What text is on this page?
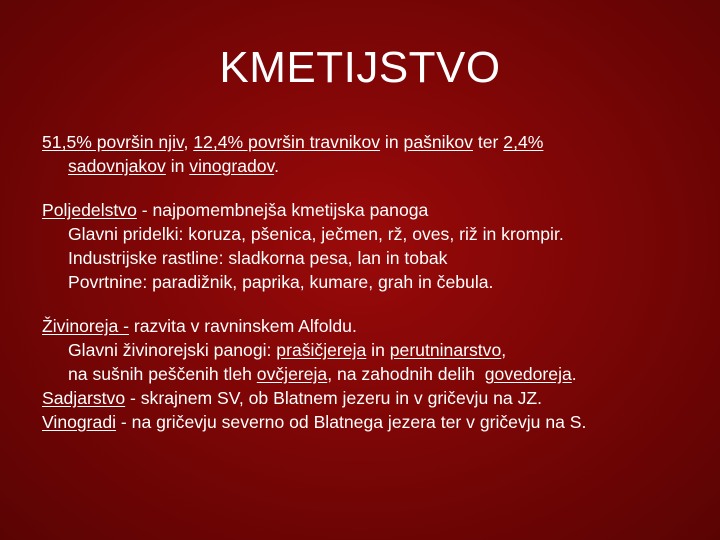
KMETIJSTVO
51,5% površin njiv, 12,4% površin travnikov in pašnikov ter 2,4%
sadovnjakov in vinogradov.
Poljedelstvo - najpomembnejša kmetijska panoga
Glavni pridelki: koruza, pšenica, ječmen, rž, oves, riž in krompir.
Industrijske rastline: sladkorna pesa, lan in tobak
Povrtnine: paradižnik, paprika, kumare, grah in čebula.
Živinoreja - razvita v ravninskem Alfoldu.
Glavni živinorejski panogi: prašičjereja in perutninarstvo,
na sušnih peščenih tleh ovčjereja, na zahodnih delih  govedoreja.
Sadjarstvo - skrajnem SV, ob Blatnem jezeru in v gričevju na JZ.
Vinogradi - na gričevju severno od Blatnega jezera ter v gričevju na S.
